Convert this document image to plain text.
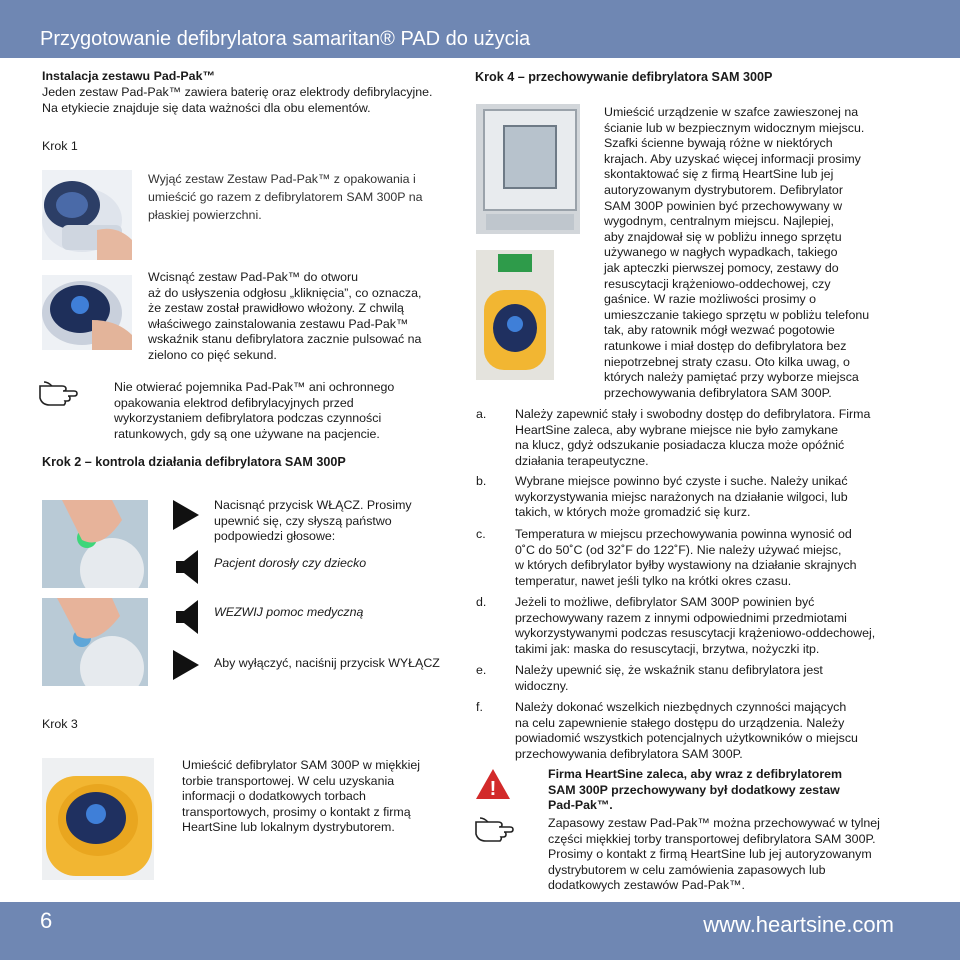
Przygotowanie defibrylatora samaritan® PAD do użycia
6	www.heartsine.com
Instalacja zestawu Pad-Pak™
Jeden zestaw Pad-Pak™ zawiera baterię oraz elektrody defibrylacyjne.
Na etykiecie znajduje się data ważności dla obu elementów.
Krok 1
Wyjąć zestaw Zestaw Pad-Pak™ z opakowania i
umieścić go razem z defibrylatorem SAM 300P na
płaskiej powierzchni.
Wcisnąć zestaw Pad-Pak™ do otworu
aż do usłyszenia odgłosu „kliknięcia”, co oznacza,
że zestaw został prawidłowo włożony. Z chwilą
właściwego zainstalowania zestawu Pad-Pak™
wskaźnik stanu defibrylatora zacznie pulsować na
zielono co pięć sekund.
Nie otwierać pojemnika Pad-Pak™ ani ochronnego
opakowania elektrod defibrylacyjnych przed
wykorzystaniem defibrylatora podczas czynności
ratunkowych, gdy są one używane na pacjencie.
Krok 2 – kontrola działania defibrylatora SAM 300P
Nacisnąć przycisk WŁĄCZ. Prosimy
upewnić się, czy słyszą państwo
podpowiedzi głosowe:
Pacjent dorosły czy dziecko
WEZWIJ pomoc medyczną
Aby wyłączyć, naciśnij przycisk WYŁĄCZ
Krok 3
Umieścić defibrylator SAM 300P w miękkiej
torbie transportowej. W celu uzyskania
informacji o dodatkowych torbach
transportowych, prosimy o kontakt z firmą
HeartSine lub lokalnym dystrybutorem.
Krok 4 – przechowywanie defibrylatora SAM 300P
Umieścić urządzenie w szafce zawieszonej na
ścianie lub w bezpiecznym widocznym miejscu.
Szafki ścienne bywają różne w niektórych
krajach. Aby uzyskać więcej informacji prosimy
skontaktować się z firmą HeartSine lub jej
autoryzowanym dystrybutorem. Defibrylator
SAM 300P powinien być przechowywany w
wygodnym, centralnym miejscu. Najlepiej,
aby znajdował się w pobliżu innego sprzętu
używanego w nagłych wypadkach, takiego
jak apteczki pierwszej pomocy, zestawy do
resuscytacji krążeniowo-oddechowej, czy
gaśnice. W razie możliwości prosimy o
umieszczanie takiego sprzętu w pobliżu telefonu
tak, aby ratownik mógł wezwać pogotowie
ratunkowe i miał dostęp do defibrylatora bez
niepotrzebnej straty czasu. Oto kilka uwag, o
których należy pamiętać przy wyborze miejsca
przechowywania defibrylatora SAM 300P.
a. Należy zapewnić stały i swobodny dostęp do defibrylatora. Firma
HeartSine zaleca, aby wybrane miejsce nie było zamykane
na klucz, gdyż odszukanie posiadacza klucza może opóźnić
działania terapeutyczne.
b. Wybrane miejsce powinno być czyste i suche. Należy unikać
wykorzystywania miejsc narażonych na działanie wilgoci, lub
takich, w których może gromadzić się kurz.
c. Temperatura w miejscu przechowywania powinna wynosić od
0˚C do 50˚C (od 32˚F do 122˚F). Nie należy używać miejsc,
w których defibrylator byłby wystawiony na działanie skrajnych
temperatur, nawet jeśli tylko na krótki okres czasu.
d. Jeżeli to możliwe, defibrylator SAM 300P powinien być
przechowywany razem z innymi odpowiednimi przedmiotami
wykorzystywanymi podczas resuscytacji krążeniowo-oddechowej,
takimi jak: maska do resuscytacji, brzytwa, nożyczki itp.
e. Należy upewnić się, że wskaźnik stanu defibrylatora jest
widoczny.
f.	Należy dokonać wszelkich niezbędnych czynności mających
na celu zapewnienie stałego dostępu do urządzenia. Należy
powiadomić wszystkich potencjalnych użytkowników o miejscu
przechowywania defibrylatora SAM 300P.
!
Firma HeartSine zaleca, aby wraz z defibrylatorem
SAM 300P przechowywany był dodatkowy zestaw
Pad-Pak™.
Zapasowy zestaw Pad-Pak™ można przechowywać w tylnej
części miękkiej torby transportowej defibrylatora SAM 300P.
Prosimy o kontakt z firmą HeartSine lub jej autoryzowanym
dystrybutorem w celu zamówienia zapasowych lub
dodatkowych zestawów Pad-Pak™.
